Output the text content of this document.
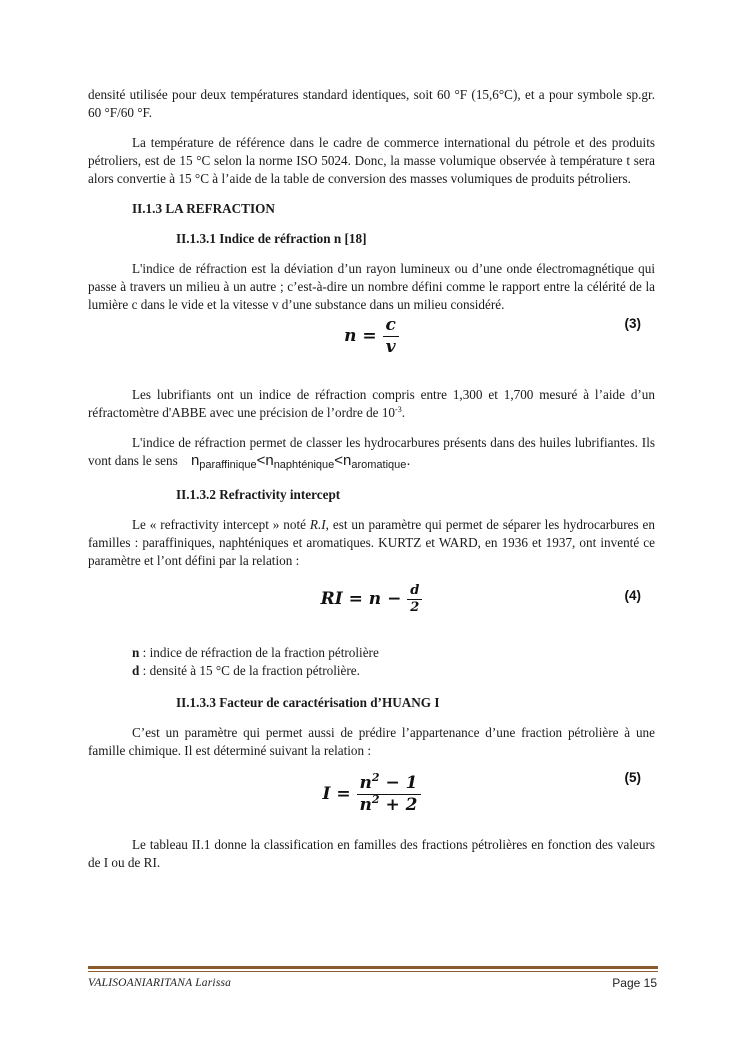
densité utilisée pour deux températures standard identiques, soit 60 °F (15,6°C), et a pour symbole sp.gr. 60 °F/60 °F.

La température de référence dans le cadre de commerce international du pétrole et des produits pétroliers, est de 15 °C selon la norme ISO 5024. Donc, la masse volumique observée à température t sera alors convertie à 15 °C à l’aide de la table de conversion des masses volumiques de produits pétroliers.

II.1.3 LA REFRACTION
II.1.3.1 Indice de réfraction n [18]

L'indice de réfraction est la déviation d’un rayon lumineux ou d’une onde électromagnétique qui passe à travers un milieu à un autre ; c’est-à-dire un nombre défini comme le rapport entre la célérité de la lumière c dans le vide et la vitesse v d’une substance dans un milieu considéré.

$n = \frac{c}{v}$	(3)

Les lubrifiants ont un indice de réfraction compris entre 1,300 et 1,700 mesuré à l’aide d’un réfractomètre d'ABBE avec une précision de l’ordre de $10^{-3}$.

L'indice de réfraction permet de classer les hydrocarbures présents dans des huiles lubrifiantes. Ils vont dans le sens $n_{paraffinique}<n_{naphténique}<n_{aromatique}$.

II.1.3.2 Refractivity intercept

Le « refractivity intercept » noté R.I, est un paramètre qui permet de séparer les hydrocarbures en familles : paraffiniques, naphténiques et aromatiques. KURTZ et WARD, en 1936 et 1937, ont inventé ce paramètre et l’ont défini par la relation :

RI = $n - \frac{d}{2}$	(4)

n : indice de réfraction de la fraction pétrolière

d : densité à 15 °C de la fraction pétrolière.

II.1.3.3 Facteur de caractérisation d’HUANG I

C’est un paramètre qui permet aussi de prédire l’appartenance d’une fraction pétrolière à une famille chimique. Il est déterminé suivant la relation :

$I = \frac{n^2 - 1}{n^2 + 2}$	(5)

Le tableau II.1 donne la classification en familles des fractions pétrolières en fonction des valeurs de I ou de RI.

VALISOANIARITANA Larissa	Page 15
